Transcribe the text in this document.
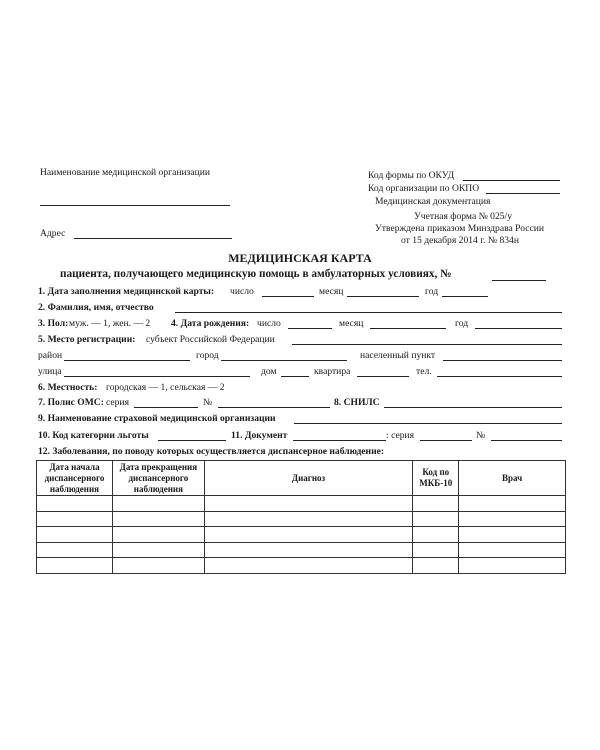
Наименование медицинской организации
Адрес
Код формы по ОКУД
Код организации по ОКПО
Медицинская документация
Учетная форма № 025/у
Утверждена приказом Минздрава России
от 15 декабря 2014 г. № 834н
МЕДИЦИНСКАЯ КАРТА
пациента, получающего медицинскую помощь в амбулаторных условиях, №
1. Дата заполнения медицинской карты: число	месяц	год
2. Фамилия, имя, отчество
3. Пол: муж. — 1, жен. — 2 4. Дата рождения: число	месяц	год
5. Место регистрации: субъект Российской Федерации
район	город	населенный пункт
улица	дом	квартира	тел.
6. Местность: городская — 1, сельская — 2
7. Полис ОМС: серия	№	8. СНИЛС
9. Наименование страховой медицинской организации
10. Код категории льготы	11. Документ	: серия	№
12. Заболевания, по поводу которых осуществляется диспансерное наблюдение:
Дата начала диспансерного наблюдения	Дата прекращения диспансерного наблюдения	Диагноз	Код по МКБ-10	Врач
